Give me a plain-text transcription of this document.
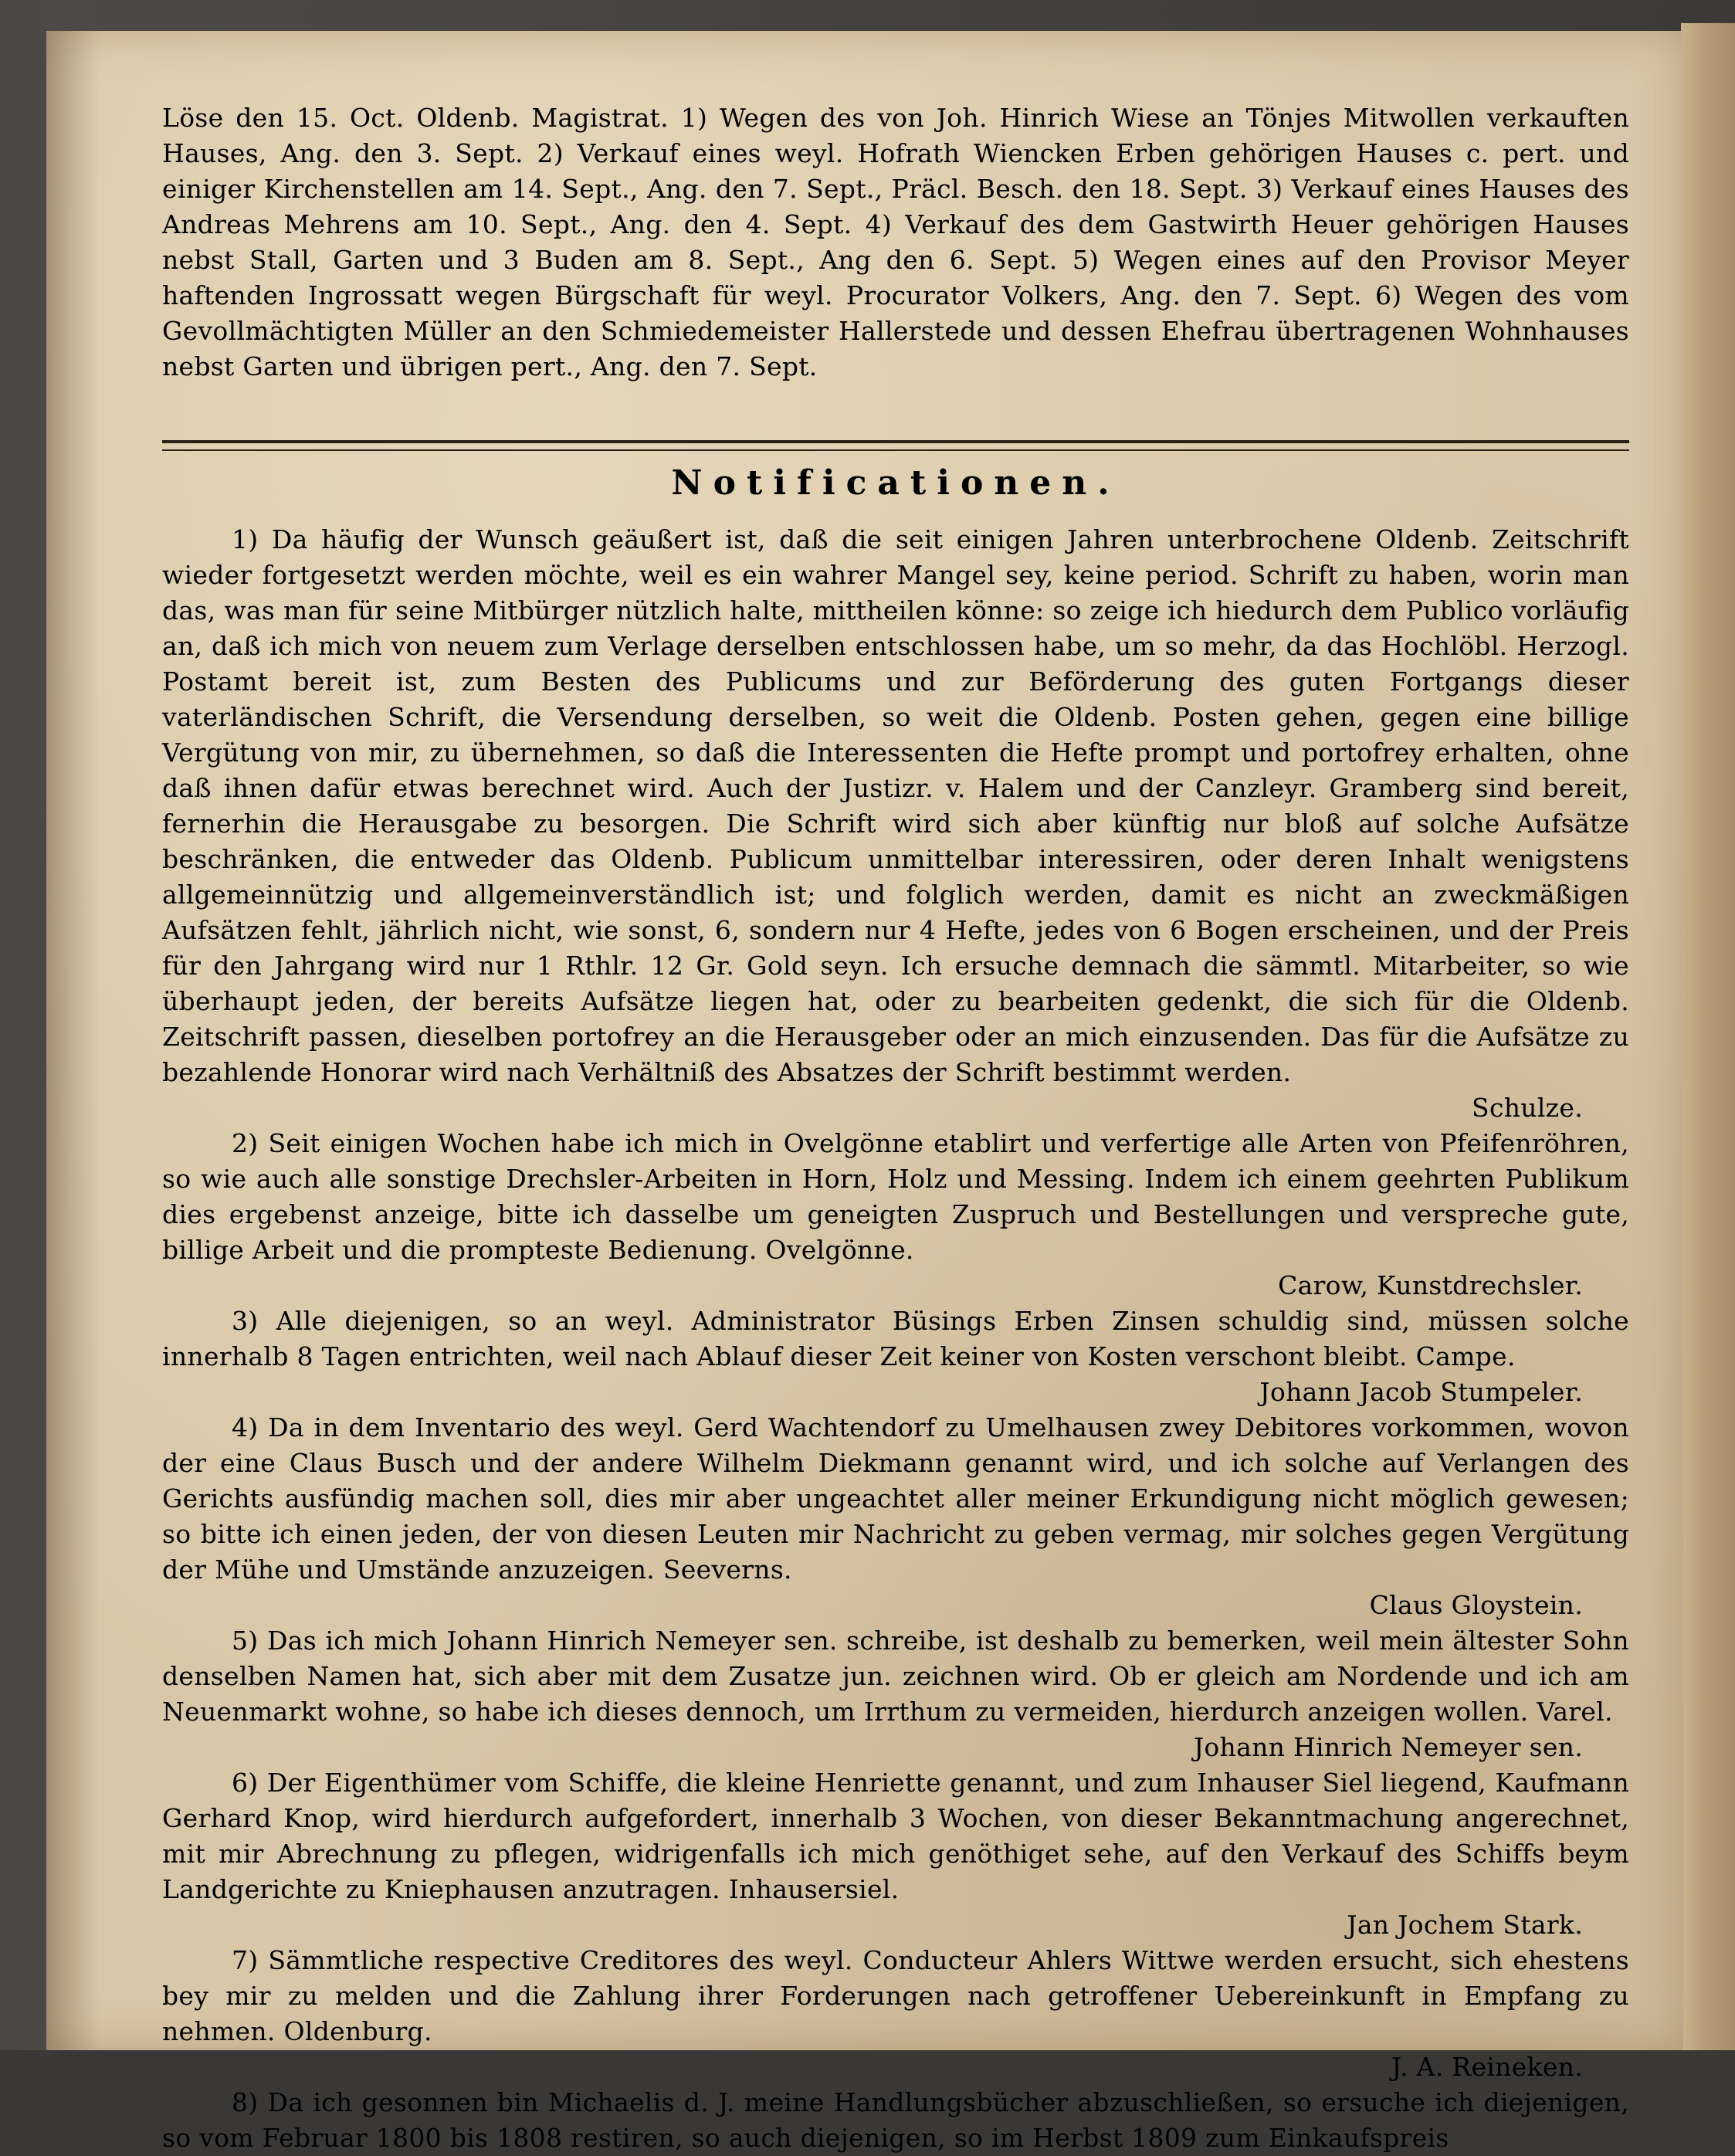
Löse den 15. Oct. Oldenb. Magistrat. 1) Wegen des von Joh. Hinrich Wiese an Tönjes Mitwollen verkauften Hauses, Ang. den 3. Sept. 2) Verkauf eines weyl. Hofrath Wiencken Erben gehörigen Hauses c. pert. und einiger Kirchenstellen am 14. Sept., Ang. den 7. Sept., Präcl. Besch. den 18. Sept. 3) Verkauf eines Hauses des Andreas Mehrens am 10. Sept., Ang. den 4. Sept. 4) Verkauf des dem Gastwirth Heuer gehörigen Hauses nebst Stall, Garten und 3 Buden am 8. Sept., Ang den 6. Sept. 5) Wegen eines auf den Provisor Meyer haftenden Ingrossatt wegen Bürgschaft für weyl. Procurator Volkers, Ang. den 7. Sept. 6) Wegen des vom Gevollmächtigten Müller an den Schmiedemeister Hallerstede und dessen Ehefrau übertragenen Wohnhauses nebst Garten und übrigen pert., Ang. den 7. Sept.
Notificationen.

1) Da häufig der Wunsch geäußert ist, daß die seit einigen Jahren unterbrochene Oldenb. Zeitschrift wieder fortgesetzt werden möchte, weil es ein wahrer Mangel sey, keine period. Schrift zu haben, worin man das, was man für seine Mitbürger nützlich halte, mittheilen könne: so zeige ich hiedurch dem Publico vorläufig an, daß ich mich von neuem zum Verlage derselben entschlossen habe, um so mehr, da das Hochlöbl. Herzogl. Postamt bereit ist, zum Besten des Publicums und zur Beförderung des guten Fortgangs dieser vaterländischen Schrift, die Versendung derselben, so weit die Oldenb. Posten gehen, gegen eine billige Vergütung von mir, zu übernehmen, so daß die Interessenten die Hefte prompt und portofrey erhalten, ohne daß ihnen dafür etwas berechnet wird. Auch der Justizr. v. Halem und der Canzleyr. Gramberg sind bereit, fernerhin die Herausgabe zu besorgen. Die Schrift wird sich aber künftig nur bloß auf solche Aufsätze beschränken, die entweder das Oldenb. Publicum unmittelbar interessiren, oder deren Inhalt wenigstens allgemeinnützig und allgemeinverständlich ist; und folglich werden, damit es nicht an zweckmäßigen Aufsätzen fehlt, jährlich nicht, wie sonst, 6, sondern nur 4 Hefte, jedes von 6 Bogen erscheinen, und der Preis für den Jahrgang wird nur 1 Rthlr. 12 Gr. Gold seyn. Ich ersuche demnach die sämmtl. Mitarbeiter, so wie überhaupt jeden, der bereits Aufsätze liegen hat, oder zu bearbeiten gedenkt, die sich für die Oldenb. Zeitschrift passen, dieselben portofrey an die Herausgeber oder an mich einzusenden. Das für die Aufsätze zu bezahlende Honorar wird nach Verhältniß des Absatzes der Schrift bestimmt werden.
Schulze.

2) Seit einigen Wochen habe ich mich in Ovelgönne etablirt und verfertige alle Arten von Pfeifenröhren, so wie auch alle sonstige Drechsler-Arbeiten in Horn, Holz und Messing. Indem ich einem geehrten Publikum dies ergebenst anzeige, bitte ich dasselbe um geneigten Zuspruch und Bestellungen und verspreche gute, billige Arbeit und die prompteste Bedienung. Ovelgönne.
Carow, Kunstdrechsler.

3) Alle diejenigen, so an weyl. Administrator Büsings Erben Zinsen schuldig sind, müssen solche innerhalb 8 Tagen entrichten, weil nach Ablauf dieser Zeit keiner von Kosten verschont bleibt. Campe.
Johann Jacob Stumpeler.

4) Da in dem Inventario des weyl. Gerd Wachtendorf zu Umelhausen zwey Debitores vorkommen, wovon der eine Claus Busch und der andere Wilhelm Diekmann genannt wird, und ich solche auf Verlangen des Gerichts ausfündig machen soll, dies mir aber ungeachtet aller meiner Erkundigung nicht möglich gewesen; so bitte ich einen jeden, der von diesen Leuten mir Nachricht zu geben vermag, mir solches gegen Vergütung der Mühe und Umstände anzuzeigen. Seeverns.
Claus Gloystein.

5) Das ich mich Johann Hinrich Nemeyer sen. schreibe, ist deshalb zu bemerken, weil mein ältester Sohn denselben Namen hat, sich aber mit dem Zusatze jun. zeichnen wird. Ob er gleich am Nordende und ich am Neuenmarkt wohne, so habe ich dieses dennoch, um Irrthum zu vermeiden, hierdurch anzeigen wollen. Varel.
Johann Hinrich Nemeyer sen.

6) Der Eigenthümer vom Schiffe, die kleine Henriette genannt, und zum Inhauser Siel liegend, Kaufmann Gerhard Knop, wird hierdurch aufgefordert, innerhalb 3 Wochen, von dieser Bekanntmachung angerechnet, mit mir Abrechnung zu pflegen, widrigenfalls ich mich genöthiget sehe, auf den Verkauf des Schiffs beym Landgerichte zu Kniephausen anzutragen. Inhausersiel.
Jan Jochem Stark.

7) Sämmtliche respective Creditores des weyl. Conducteur Ahlers Wittwe werden ersucht, sich ehestens bey mir zu melden und die Zahlung ihrer Forderungen nach getroffener Uebereinkunft in Empfang zu nehmen. Oldenburg.
J. A. Reineken.

8) Da ich gesonnen bin Michaelis d. J. meine Handlungsbücher abzuschließen, so ersuche ich diejenigen, so vom Februar 1800 bis 1808 restiren, so auch diejenigen, so im Herbst 1809 zum Einkaufspreis
